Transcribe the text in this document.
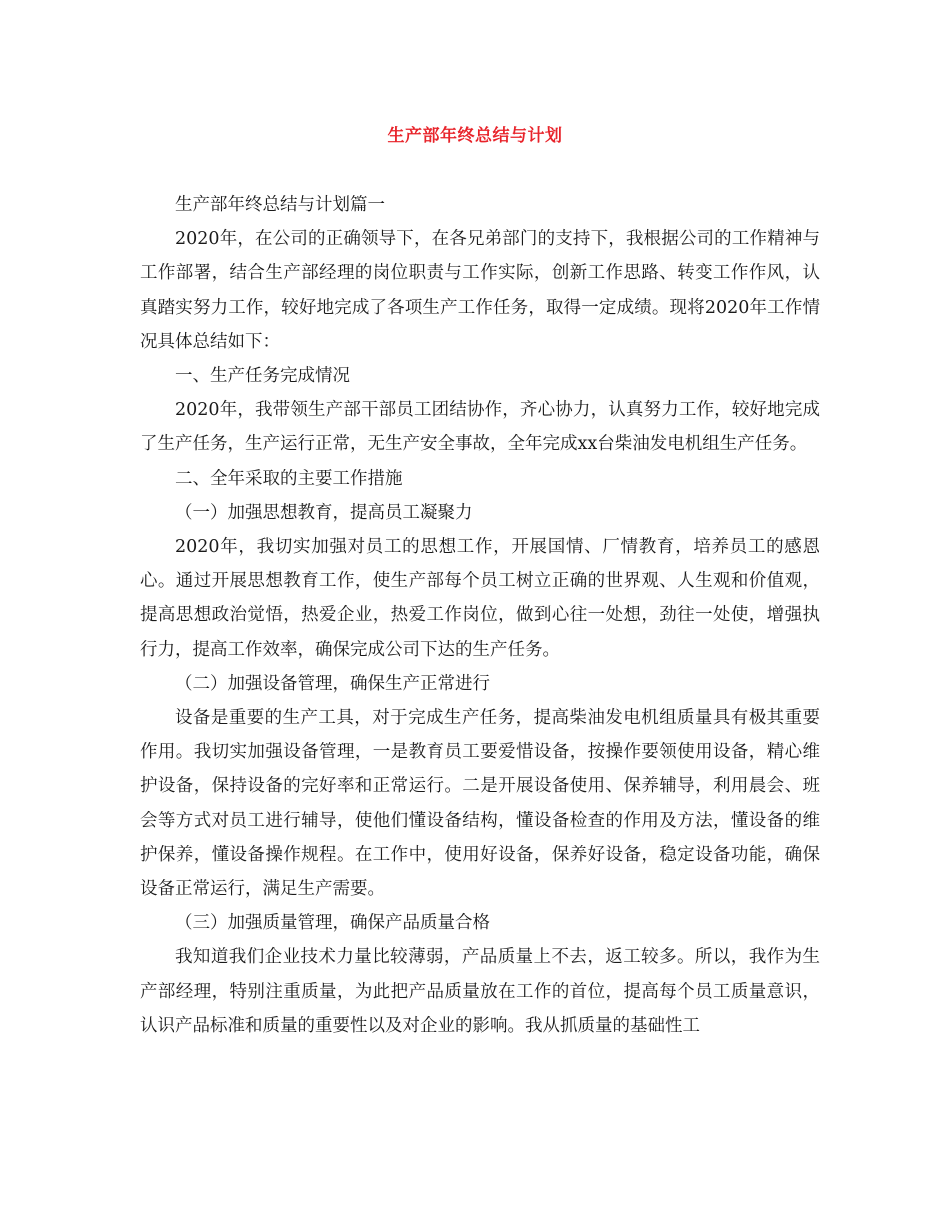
生产部年终总结与计划

生产部年终总结与计划篇一

2020年，在公司的正确领导下，在各兄弟部门的支持下，我根据公司的工作精神与工作部署，结合生产部经理的岗位职责与工作实际，创新工作思路、转变工作作风，认真踏实努力工作，较好地完成了各项生产工作任务，取得一定成绩。现将2020年工作情况具体总结如下：

一、生产任务完成情况

2020年，我带领生产部干部员工团结协作，齐心协力，认真努力工作，较好地完成了生产任务，生产运行正常，无生产安全事故，全年完成xx台柴油发电机组生产任务。

二、全年采取的主要工作措施

（一）加强思想教育，提高员工凝聚力

2020年，我切实加强对员工的思想工作，开展国情、厂情教育，培养员工的感恩心。通过开展思想教育工作，使生产部每个员工树立正确的世界观、人生观和价值观，提高思想政治觉悟，热爱企业，热爱工作岗位，做到心往一处想，劲往一处使，增强执行力，提高工作效率，确保完成公司下达的生产任务。

（二）加强设备管理，确保生产正常进行

设备是重要的生产工具，对于完成生产任务，提高柴油发电机组质量具有极其重要作用。我切实加强设备管理，一是教育员工要爱惜设备，按操作要领使用设备，精心维护设备，保持设备的完好率和正常运行。二是开展设备使用、保养辅导，利用晨会、班会等方式对员工进行辅导，使他们懂设备结构，懂设备检查的作用及方法，懂设备的维护保养，懂设备操作规程。在工作中，使用好设备，保养好设备，稳定设备功能，确保设备正常运行，满足生产需要。

（三）加强质量管理，确保产品质量合格

我知道我们企业技术力量比较薄弱，产品质量上不去，返工较多。所以，我作为生产部经理，特别注重质量，为此把产品质量放在工作的首位，提高每个员工质量意识，认识产品标准和质量的重要性以及对企业的影响。我从抓质量的基础性工
